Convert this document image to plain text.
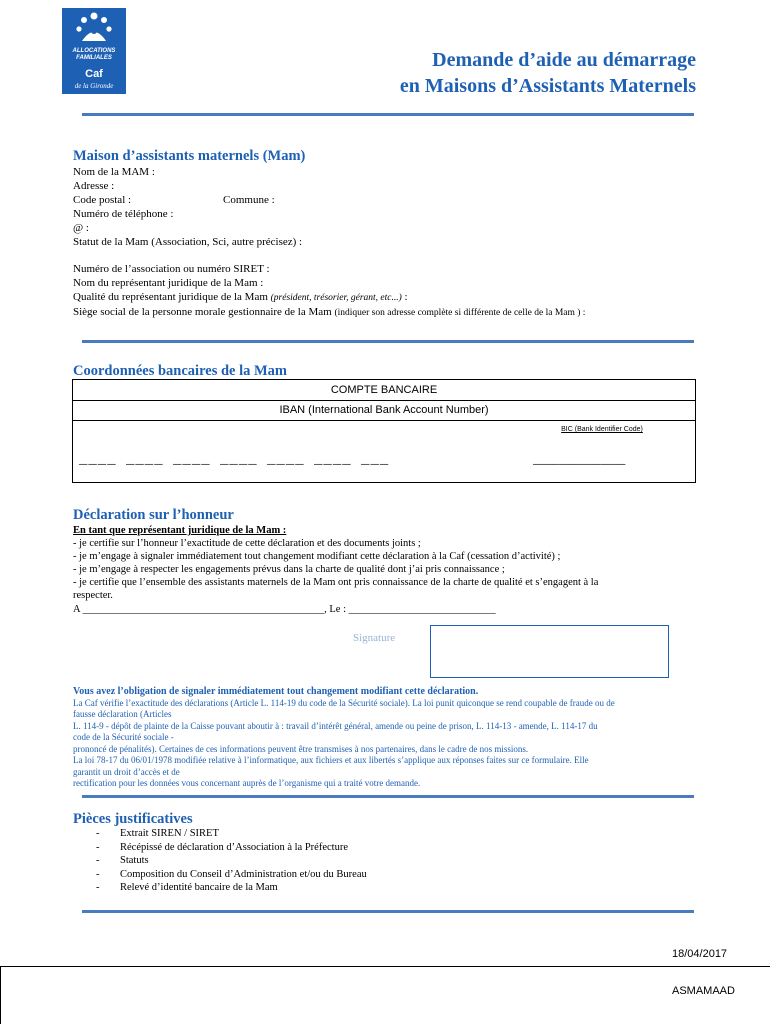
ALLOCATIONS
FAMILIALES
Caf
de la Gironde
Demande d’aide au démarrage
en Maisons d’Assistants Maternels
Maison d’assistants maternels (Mam)
Nom de la MAM :
Adresse :
Code postal :	Commune :
Numéro de téléphone :
@ :
Statut de la Mam (Association, Sci, autre précisez) :
Numéro de l’association ou numéro SIRET :
Nom du représentant juridique de la Mam :
Qualité du représentant juridique de la Mam (président, trésorier, gérant, etc...) :
Siège social de la personne morale gestionnaire de la Mam (indiquer son adresse complète si différente de celle de la Mam ) :
Coordonnées bancaires de la Mam
COMPTE BANCAIRE
IBAN (International Bank Account Number)
BIC (Bank Identifier Code)
____ ____ ____ ____ ____ ____ ___	___________
Déclaration sur l’honneur
En tant que représentant juridique de la Mam :
- je certifie sur l’honneur l’exactitude de cette déclaration et des documents joints ;
- je m’engage à signaler immédiatement tout changement modifiant cette déclaration à la Caf (cessation d’activité) ;
- je m’engage à respecter les engagements prévus dans la charte de qualité dont j’ai pris connaissance ;
- je certifie que l’ensemble des assistants maternels de la Mam ont pris connaissance de la charte de qualité et s’engagent à la
respecter.
A ______________________________________________, Le : ____________________________
Signature
Vous avez l’obligation de signaler immédiatement tout changement modifiant cette déclaration.
La Caf vérifie l’exactitude des déclarations (Article L. 114-19 du code de la Sécurité sociale). La loi punit quiconque se rend coupable de fraude ou de
fausse déclaration (Articles
L. 114-9 - dépôt de plainte de la Caisse pouvant aboutir à : travail d’intérêt général, amende ou peine de prison, L. 114-13 - amende, L. 114-17 du
code de la Sécurité sociale -
prononcé de pénalités). Certaines de ces informations peuvent être transmises à nos partenaires, dans le cadre de nos missions.
La loi 78-17 du 06/01/1978 modifiée relative à l’informatique, aux fichiers et aux libertés s’applique aux réponses faites sur ce formulaire. Elle
garantit un droit d’accès et de
rectification pour les données vous concernant auprès de l’organisme qui a traité votre demande.
Pièces justificatives
- Extrait SIREN / SIRET
- Récépissé de déclaration d’Association à la Préfecture
- Statuts
- Composition du Conseil d’Administration et/ou du Bureau
- Relevé d’identité bancaire de la Mam
18/04/2017
ASMAMAAD
